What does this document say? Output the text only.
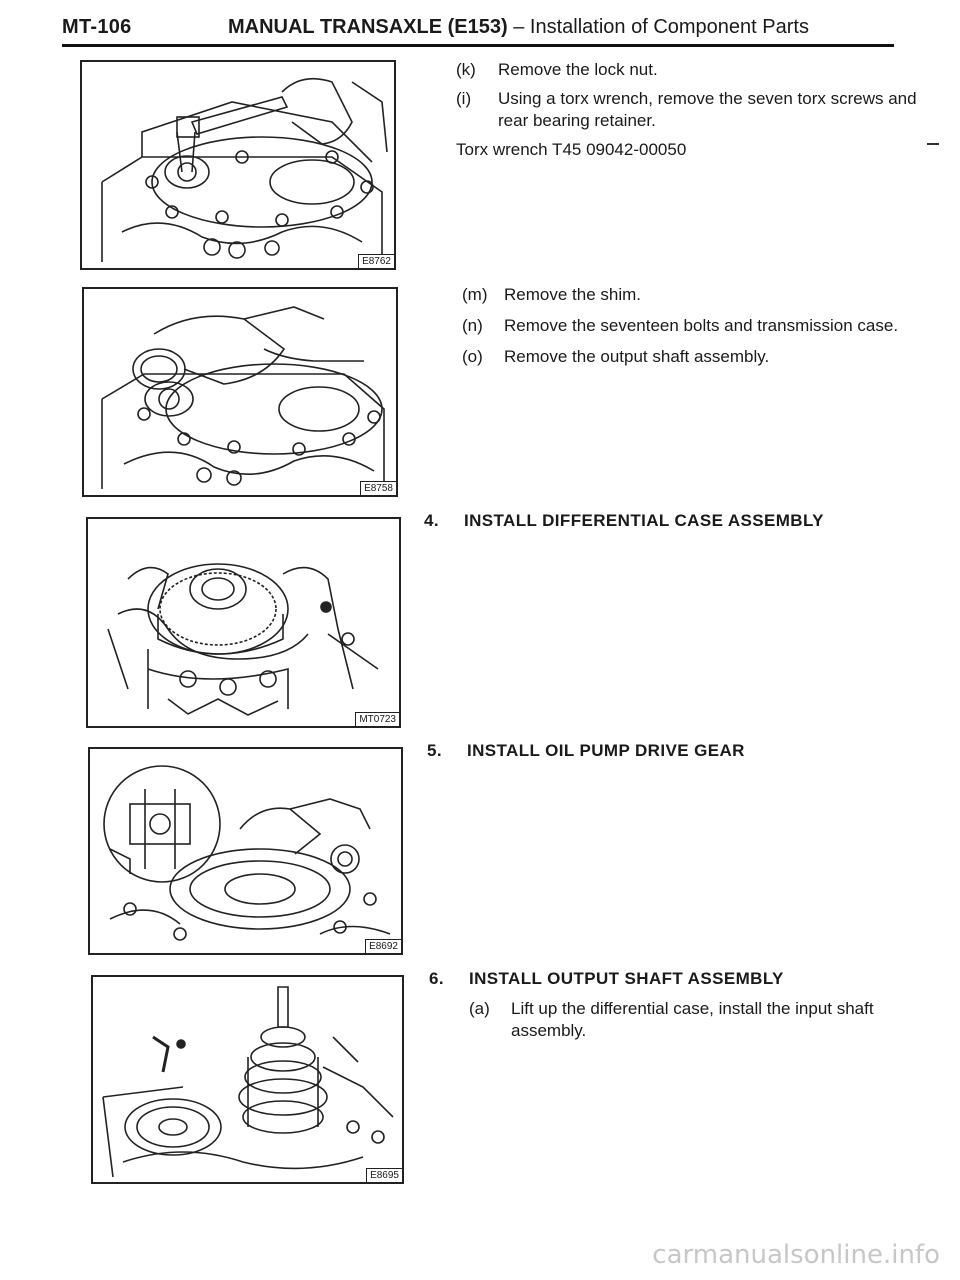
MT-106	MANUAL TRANSAXLE (E153) – Installation of Component Parts
E8762
E8758
MT0723
E8692
E8695
(k) Remove the lock nut.
(i) Using a torx wrench, remove the seven torx screws and rear bearing retainer.
Torx wrench T45 09042-00050
(m) Remove the shim.
(n) Remove the seventeen bolts and transmission case.
(o) Remove the output shaft assembly.
4. INSTALL DIFFERENTIAL CASE ASSEMBLY
5. INSTALL OIL PUMP DRIVE GEAR
6. INSTALL OUTPUT SHAFT ASSEMBLY
(a) Lift up the differential case, install the input shaft assembly.
carmanualsonline.info
